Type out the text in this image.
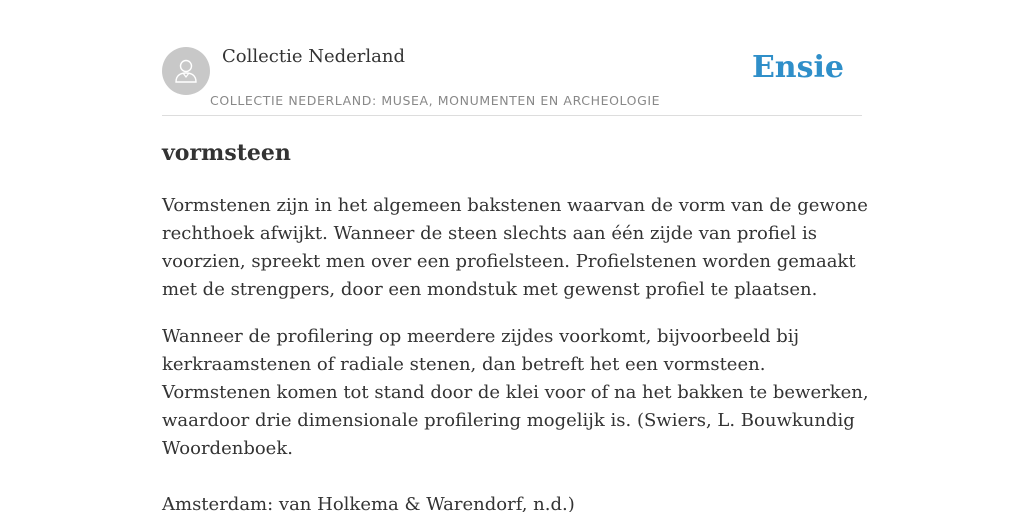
Collectie Nederland
COLLECTIE NEDERLAND: MUSEA, MONUMENTEN EN ARCHEOLOGIE
Ensie
vormsteen

Vormstenen zijn in het algemeen bakstenen waarvan de vorm van de gewone rechthoek afwijkt. Wanneer de steen slechts aan één zijde van profiel is voorzien, spreekt men over een profielsteen. Profielstenen worden gemaakt met de strengpers, door een mondstuk met gewenst profiel te plaatsen.

Wanneer de profilering op meerdere zijdes voorkomt, bijvoorbeeld bij kerkraamstenen of radiale stenen, dan betreft het een vormsteen. Vormstenen komen tot stand door de klei voor of na het bakken te bewerken, waardoor drie dimensionale profilering mogelijk is. (Swiers, L. Bouwkundig Woordenboek.

Amsterdam: van Holkema & Warendorf, n.d.)
